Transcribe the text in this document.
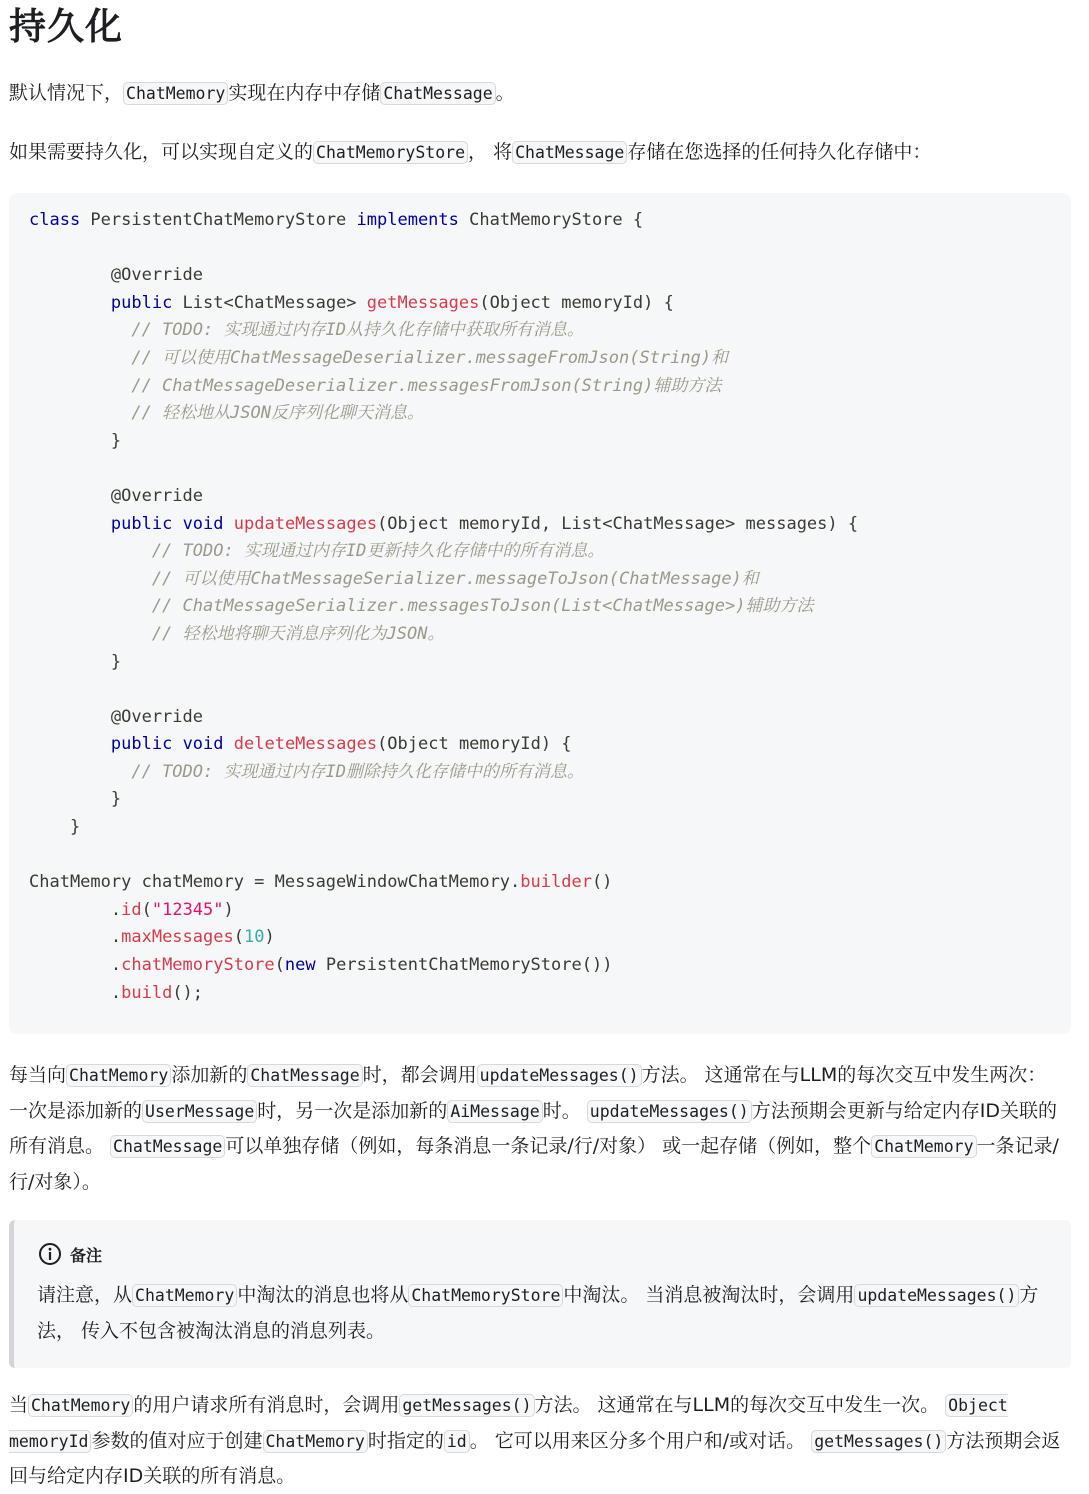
持久化

默认情况下， ChatMemory 实现在内存中存储 ChatMessage 。

如果需要持久化，可以实现自定义的 ChatMemoryStore ， 将 ChatMessage 存储在您选择的任何持久化存储中：

class PersistentChatMemoryStore implements ChatMemoryStore {
@Override
public List<ChatMessage> getMessages(Object memoryId) {
// TODO: 实现通过内存ID从持久化存储中获取所有消息。
// 可以使用ChatMessageDeserializer.messageFromJson(String)和
// ChatMessageDeserializer.messagesFromJson(String)辅助方法
// 轻松地从JSON反序列化聊天消息。
}
@Override
public void updateMessages(Object memoryId, List<ChatMessage> messages) {
// TODO: 实现通过内存ID更新持久化存储中的所有消息。
// 可以使用ChatMessageSerializer.messageToJson(ChatMessage)和
// ChatMessageSerializer.messagesToJson(List<ChatMessage>)辅助方法
// 轻松地将聊天消息序列化为JSON。
}
@Override
public void deleteMessages(Object memoryId) {
// TODO: 实现通过内存ID删除持久化存储中的所有消息。
}
}
ChatMemory chatMemory = MessageWindowChatMemory.builder()
.id("12345")
.maxMessages(10)
.chatMemoryStore(new PersistentChatMemoryStore())
.build();

每当向 ChatMemory 添加新的 ChatMessage 时，都会调用 updateMessages() 方法。 这通常在与LLM的每次交互中发生两次： 一次是添加新的 UserMessage 时，另一次是添加新的 AiMessage 时。 updateMessages() 方法预期会更新与给定内存ID关联的所有消息。 ChatMessage 可以单独存储（例如，每条消息一条记录/行/对象） 或一起存储（例如，整个 ChatMemory 一条记录/行/对象）。

备注

请注意，从 ChatMemory 中淘汰的消息也将从 ChatMemoryStore 中淘汰。 当消息被淘汰时，会调用 updateMessages() 方法， 传入不包含被淘汰消息的消息列表。

当 ChatMemory 的用户请求所有消息时，会调用 getMessages() 方法。 这通常在与LLM的每次交互中发生一次。 Object memoryId 参数的值对应于创建 ChatMemory 时指定的 id 。 它可以用来区分多个用户和/或对话。 getMessages() 方法预期会返回与给定内存ID关联的所有消息。
